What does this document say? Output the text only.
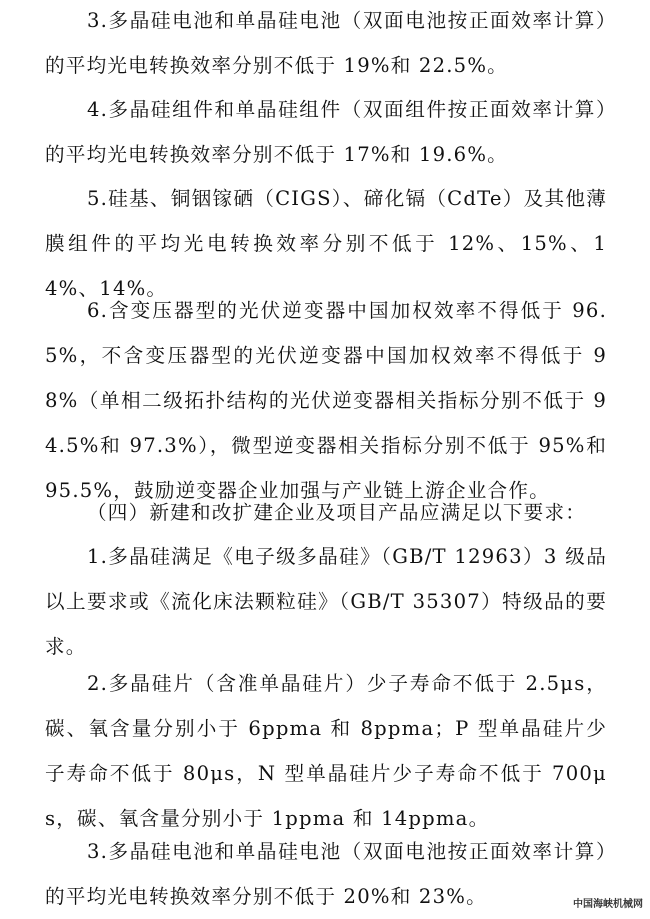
3.多晶硅电池和单晶硅电池（双面电池按正面效率计算）的平均光电转换效率分别不低于 19%和 22.5%。

4.多晶硅组件和单晶硅组件（双面组件按正面效率计算）的平均光电转换效率分别不低于 17%和 19.6%。

5.硅基、铜铟镓硒（CIGS）、碲化镉（CdTe）及其他薄膜组件的平均光电转换效率分别不低于 12%、15%、14%、14%。

6.含变压器型的光伏逆变器中国加权效率不得低于 96.5%，不含变压器型的光伏逆变器中国加权效率不得低于 98%（单相二级拓扑结构的光伏逆变器相关指标分别不低于 94.5%和 97.3%），微型逆变器相关指标分别不低于 95%和 95.5%，鼓励逆变器企业加强与产业链上游企业合作。

（四）新建和改扩建企业及项目产品应满足以下要求：

1.多晶硅满足《电子级多晶硅》（GB/T 12963）3 级品以上要求或《流化床法颗粒硅》（GB/T 35307）特级品的要求。

2.多晶硅片（含准单晶硅片）少子寿命不低于 2.5μs，碳、氧含量分别小于 6ppma 和 8ppma；P 型单晶硅片少子寿命不低于 80μs，N 型单晶硅片少子寿命不低于 700μs，碳、氧含量分别小于 1ppma 和 14ppma。

3.多晶硅电池和单晶硅电池（双面电池按正面效率计算）的平均光电转换效率分别不低于 20%和 23%。	中国海峡机械网
